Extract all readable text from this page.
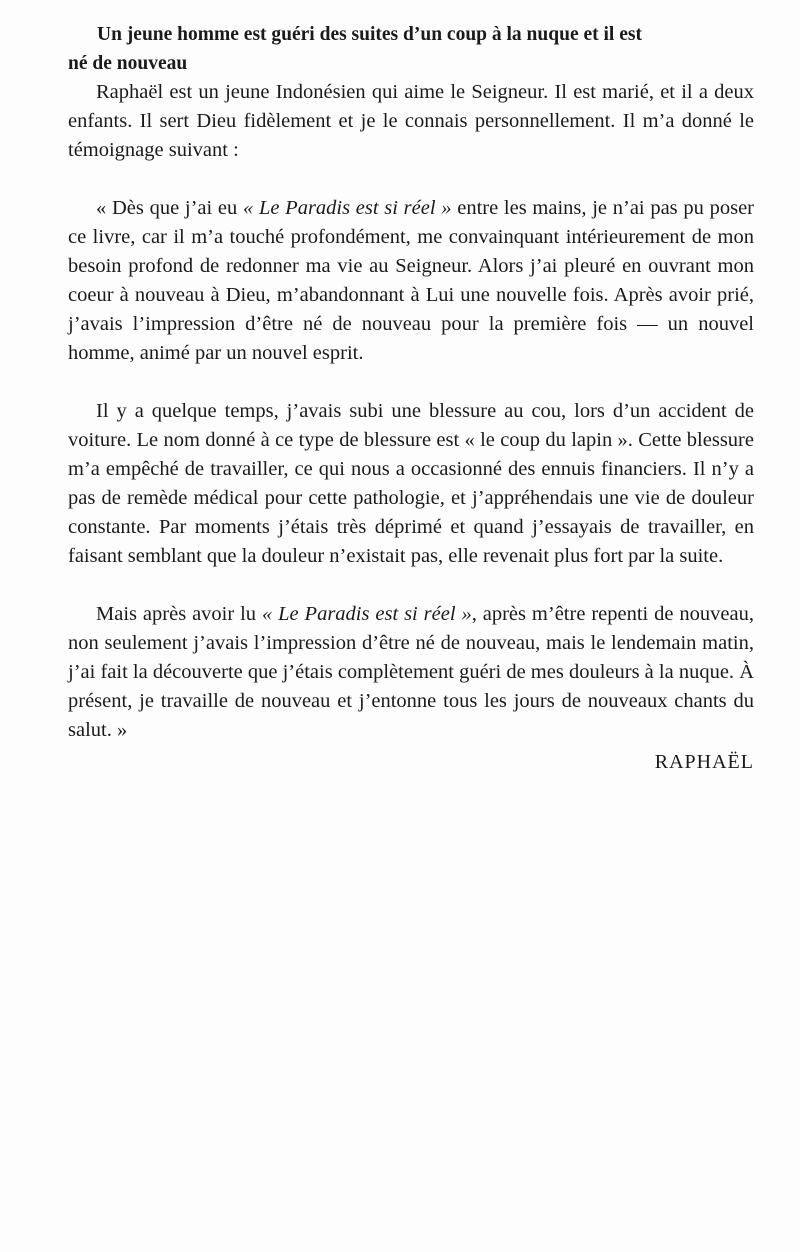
Un jeune homme est guéri des suites d’un coup à la nuque et il est
né de nouveau

Raphaël est un jeune Indonésien qui aime le Seigneur. Il est marié, et il a deux enfants. Il sert Dieu fidèlement et je le connais personnellement. Il m’a donné le témoignage suivant :

« Dès que j’ai eu « Le Paradis est si réel » entre les mains, je n’ai pas pu poser ce livre, car il m’a touché profondément, me convainquant intérieurement de mon besoin profond de redonner ma vie au Seigneur. Alors j’ai pleuré en ouvrant mon coeur à nouveau à Dieu, m’abandonnant à Lui une nouvelle fois. Après avoir prié, j’avais l’impression d’être né de nouveau pour la première fois — un nouvel homme, animé par un nouvel esprit.

Il y a quelque temps, j’avais subi une blessure au cou, lors d’un accident de voiture. Le nom donné à ce type de blessure est « le coup du lapin ». Cette blessure m’a empêché de travailler, ce qui nous a occasionné des ennuis financiers. Il n’y a pas de remède médical pour cette pathologie, et j’appréhendais une vie de douleur constante. Par moments j’étais très déprimé et quand j’essayais de travailler, en faisant semblant que la douleur n’existait pas, elle revenait plus fort par la suite.

Mais après avoir lu « Le Paradis est si réel », après m’être repenti de nouveau, non seulement j’avais l’impression d’être né de nouveau, mais le lendemain matin, j’ai fait la découverte que j’étais complètement guéri de mes douleurs à la nuque. À présent, je travaille de nouveau et j’entonne tous les jours de nouveaux chants du salut. »

RAPHAËL
